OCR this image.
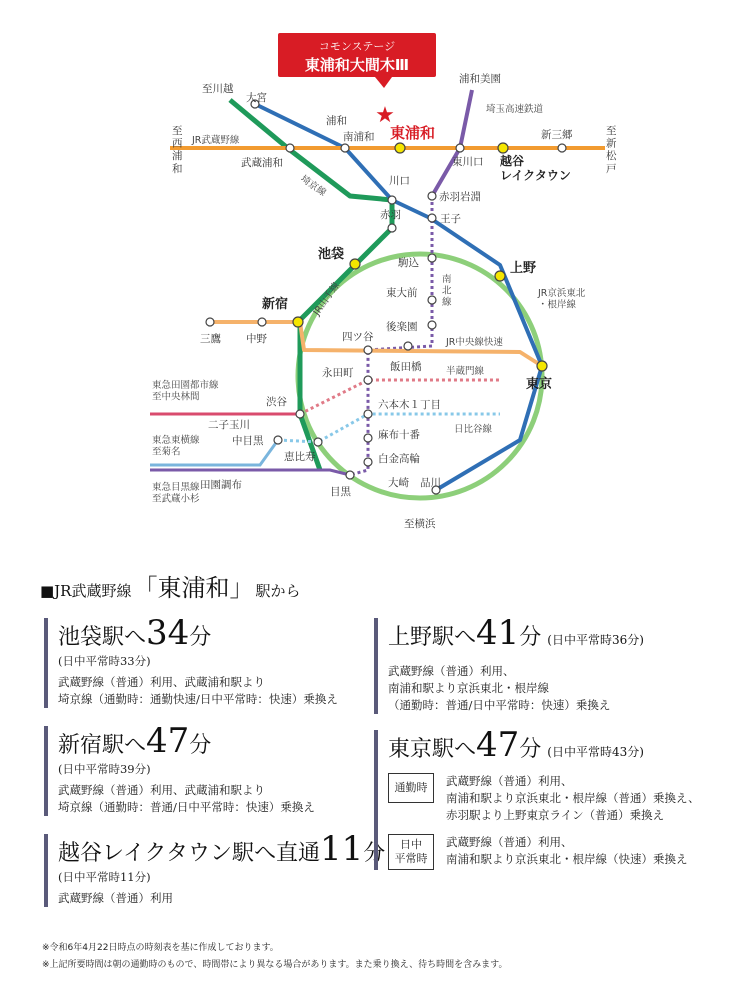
コモンステージ
東浦和大間木Ⅲ
★
東浦和
浦和
南浦和
大宮
至川越
武蔵浦和
浦和美園
東川口
新三郷
川口
赤羽岩淵
王子
赤羽
池袋
駒込	上野
東大前
後楽園
新宿
四ツ谷
飯田橋
永田町
東京
六本木１丁目
麻布十番
白金高輪
渋谷
中目黒
恵比寿
目黒
大崎 品川
田園調布
二子玉川
三鷹 中野
至横浜
越谷レイクタウン
至西浦和
至新松戸
南北線
JR京浜東北・根岸線
東急田園都市線至中央林間
東急東横線至菊名
東急目黒線至武蔵小杉
JR武蔵野線
埼京線
埼玉高速鉄道
JR山手線
JR中央線快速
半蔵門線
日比谷線
■JR武蔵野線「東浦和」 駅から
池袋駅へ34分
(日中平常時33分)
武蔵野線（普通）利用、武蔵浦和駅より
埼京線（通勤時：通勤快速/日中平常時：快速）乗換え
新宿駅へ47分
(日中平常時39分)
武蔵野線（普通）利用、武蔵浦和駅より
埼京線（通勤時：普通/日中平常時：快速）乗換え
越谷レイクタウン駅へ直通11分
(日中平常時11分)
武蔵野線（普通）利用
上野駅へ41分 (日中平常時36分)
武蔵野線（普通）利用、
南浦和駅より京浜東北・根岸線
（通勤時：普通/日中平常時：快速）乗換え
東京駅へ47分 (日中平常時43分)
通勤時	武蔵野線（普通）利用、
南浦和駅より京浜東北・根岸線（普通）乗換え、
赤羽駅より上野東京ライン（普通）乗換え
日中
平常時
武蔵野線（普通）利用、
南浦和駅より京浜東北・根岸線（快速）乗換え
※令和6年4月22日時点の時刻表を基に作成しております。
※上記所要時間は朝の通勤時のもので、時間帯により異なる場合があります。また乗り換え、待ち時間を含みます。
